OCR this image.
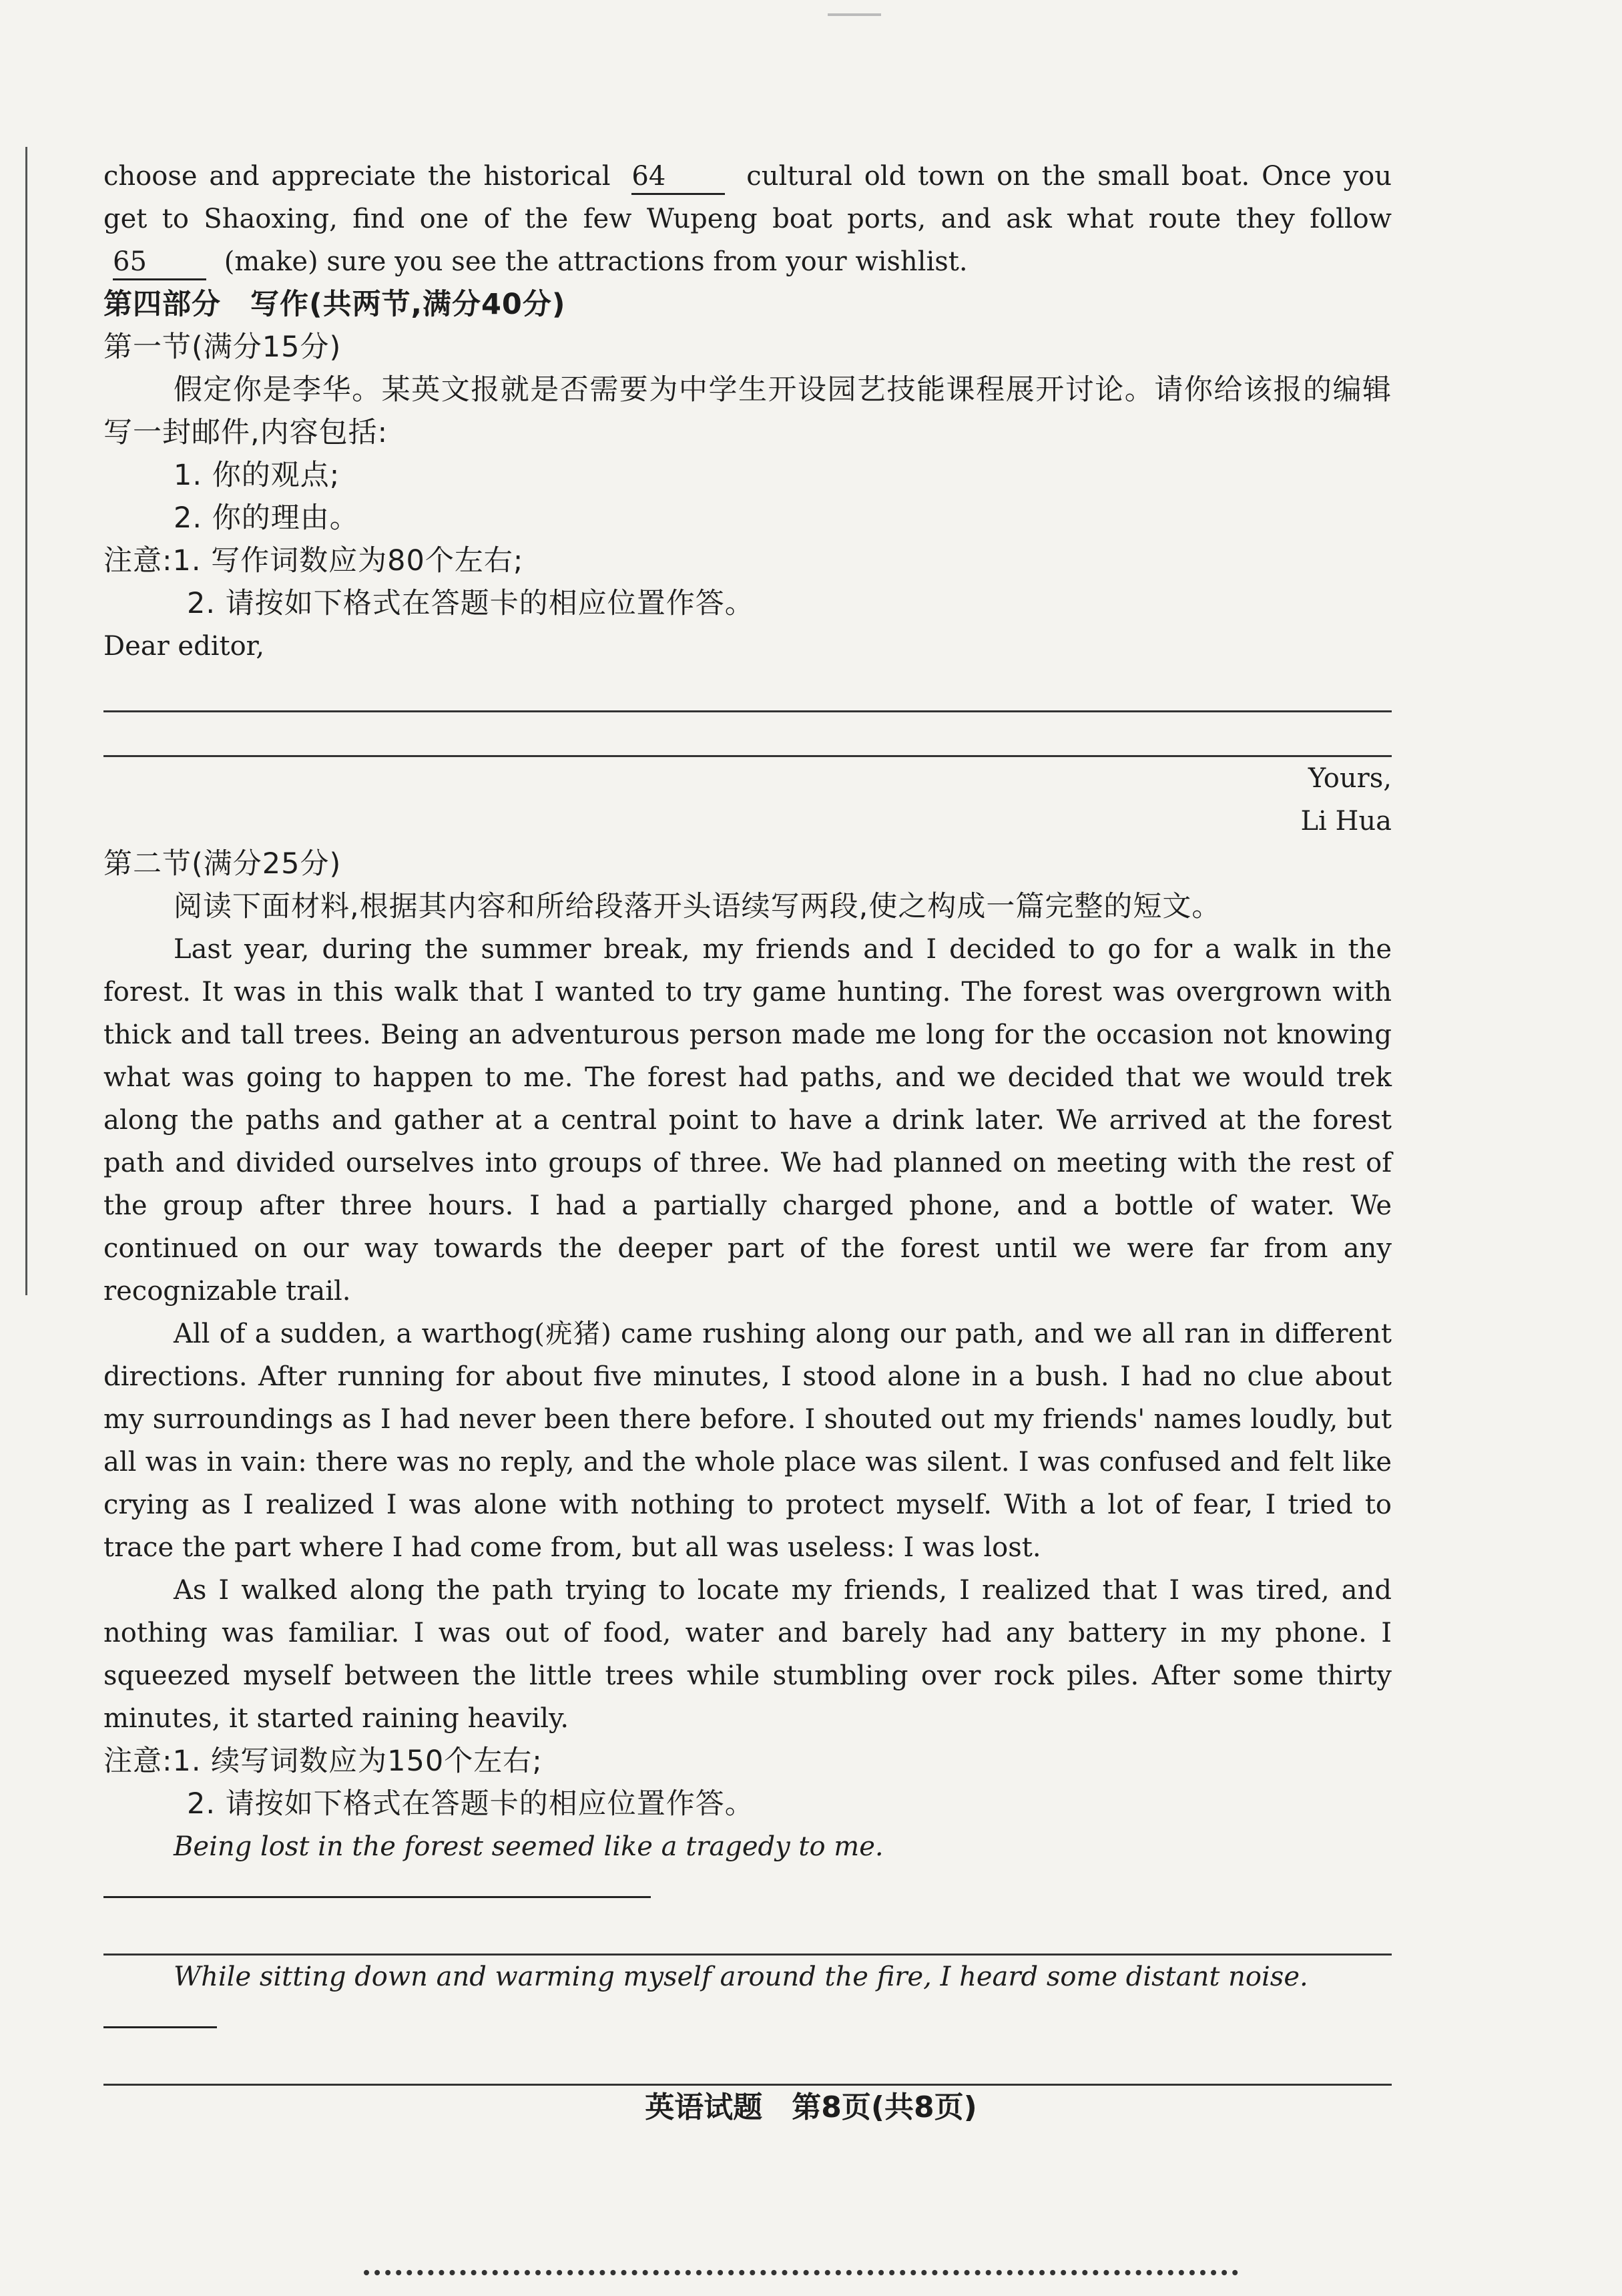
choose and appreciate the historical 64	cultural old town on the small boat. Once you get to Shaoxing, find one of the few Wupeng boat ports, and ask what route they follow 65	(make) sure you see the attractions from your wishlist.

第四部分　写作(共两节,满分40分)

第一节(满分15分)

假定你是李华。某英文报就是否需要为中学生开设园艺技能课程展开讨论。请你给该报的编辑写一封邮件,内容包括:

1. 你的观点;

2. 你的理由。

注意:1. 写作词数应为80个左右;

2. 请按如下格式在答题卡的相应位置作答。

Dear editor,

Yours,

Li Hua

第二节(满分25分)

阅读下面材料,根据其内容和所给段落开头语续写两段,使之构成一篇完整的短文。

Last year, during the summer break, my friends and I decided to go for a walk in the forest. It was in this walk that I wanted to try game hunting. The forest was overgrown with thick and tall trees. Being an adventurous person made me long for the occasion not knowing what was going to happen to me. The forest had paths, and we decided that we would trek along the paths and gather at a central point to have a drink later. We arrived at the forest path and divided ourselves into groups of three. We had planned on meeting with the rest of the group after three hours. I had a partially charged phone, and a bottle of water. We continued on our way towards the deeper part of the forest until we were far from any recognizable trail.

All of a sudden, a warthog(疣猪) came rushing along our path, and we all ran in different directions. After running for about five minutes, I stood alone in a bush. I had no clue about my surroundings as I had never been there before. I shouted out my friends' names loudly, but all was in vain: there was no reply, and the whole place was silent. I was confused and felt like crying as I realized I was alone with nothing to protect myself. With a lot of fear, I tried to trace the part where I had come from, but all was useless: I was lost.

As I walked along the path trying to locate my friends, I realized that I was tired, and nothing was familiar. I was out of food, water and barely had any battery in my phone. I squeezed myself between the little trees while stumbling over rock piles. After some thirty minutes, it started raining heavily.

注意:1. 续写词数应为150个左右;

2. 请按如下格式在答题卡的相应位置作答。

Being lost in the forest seemed like a tragedy to me.

While sitting down and warming myself around the fire, I heard some distant noise.

英语试题　第8页(共8页)
